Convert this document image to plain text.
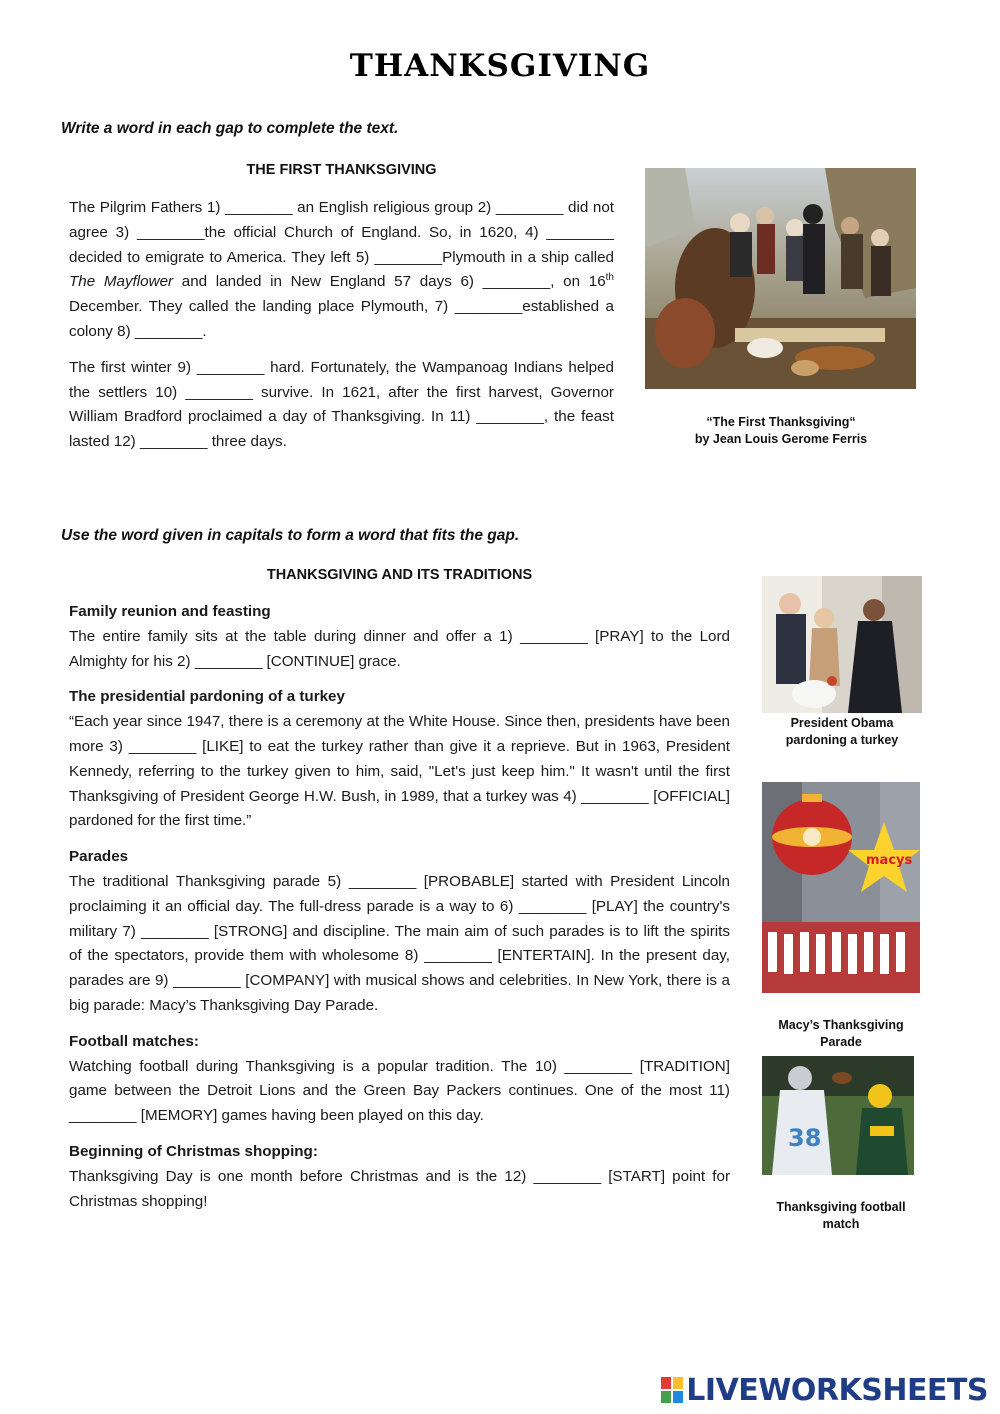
THANKSGIVING
Write a word in each gap to complete the text.
THE FIRST THANKSGIVING

The Pilgrim Fathers 1) ________ an English religious group 2) ________ did not agree 3) ________the official Church of England. So, in 1620, 4) ________ decided to emigrate to America. They left 5) ________Plymouth in a ship called The Mayflower and landed in New England 57 days 6) ________, on 16th December. They called the landing place Plymouth, 7) ________established a colony 8) ________.

The first winter 9) ________ hard. Fortunately, the Wampanoag Indians helped the settlers 10) ________ survive. In 1621, after the first harvest, Governor William Bradford proclaimed a day of Thanksgiving. In 11) ________, the feast lasted 12) ________ three days.

“The First Thanksgiving“
by Jean Louis Gerome Ferris
Use the word given in capitals to form a word that fits the gap.
THANKSGIVING AND ITS TRADITIONS

Family reunion and feasting

The entire family sits at the table during dinner and offer a 1) ________ [PRAY] to the Lord Almighty for his 2) ________ [CONTINUE] grace.

The presidential pardoning of a turkey

“Each year since 1947, there is a ceremony at the White House. Since then, presidents have been more 3) ________ [LIKE] to eat the turkey rather than give it a reprieve. But in 1963, President Kennedy, referring to the turkey given to him, said, "Let's just keep him." It wasn't until the first Thanksgiving of President George H.W. Bush, in 1989, that a turkey was 4) ________ [OFFICIAL] pardoned for the first time.”

Parades

The traditional Thanksgiving parade 5) ________ [PROBABLE] started with President Lincoln proclaiming it an official day. The full-dress parade is a way to 6) ________ [PLAY] the country's military 7) ________ [STRONG] and discipline. The main aim of such parades is to lift the spirits of the spectators, provide them with wholesome 8) ________ [ENTERTAIN]. In the present day, parades are 9) ________ [COMPANY] with musical shows and celebrities. In New York, there is a big parade: Macy’s Thanksgiving Day Parade.

Football matches:

Watching football during Thanksgiving is a popular tradition. The 10) ________ [TRADITION] game between the Detroit Lions and the Green Bay Packers continues. One of the most 11) ________ [MEMORY] games having been played on this day.

Beginning of Christmas shopping:

Thanksgiving Day is one month before Christmas and is the 12) ________ [START] point for Christmas shopping!

President Obama
pardoning a turkey
macys
Macy’s Thanksgiving Parade
38
Thanksgiving football match
LIVEWORKSHEETS
